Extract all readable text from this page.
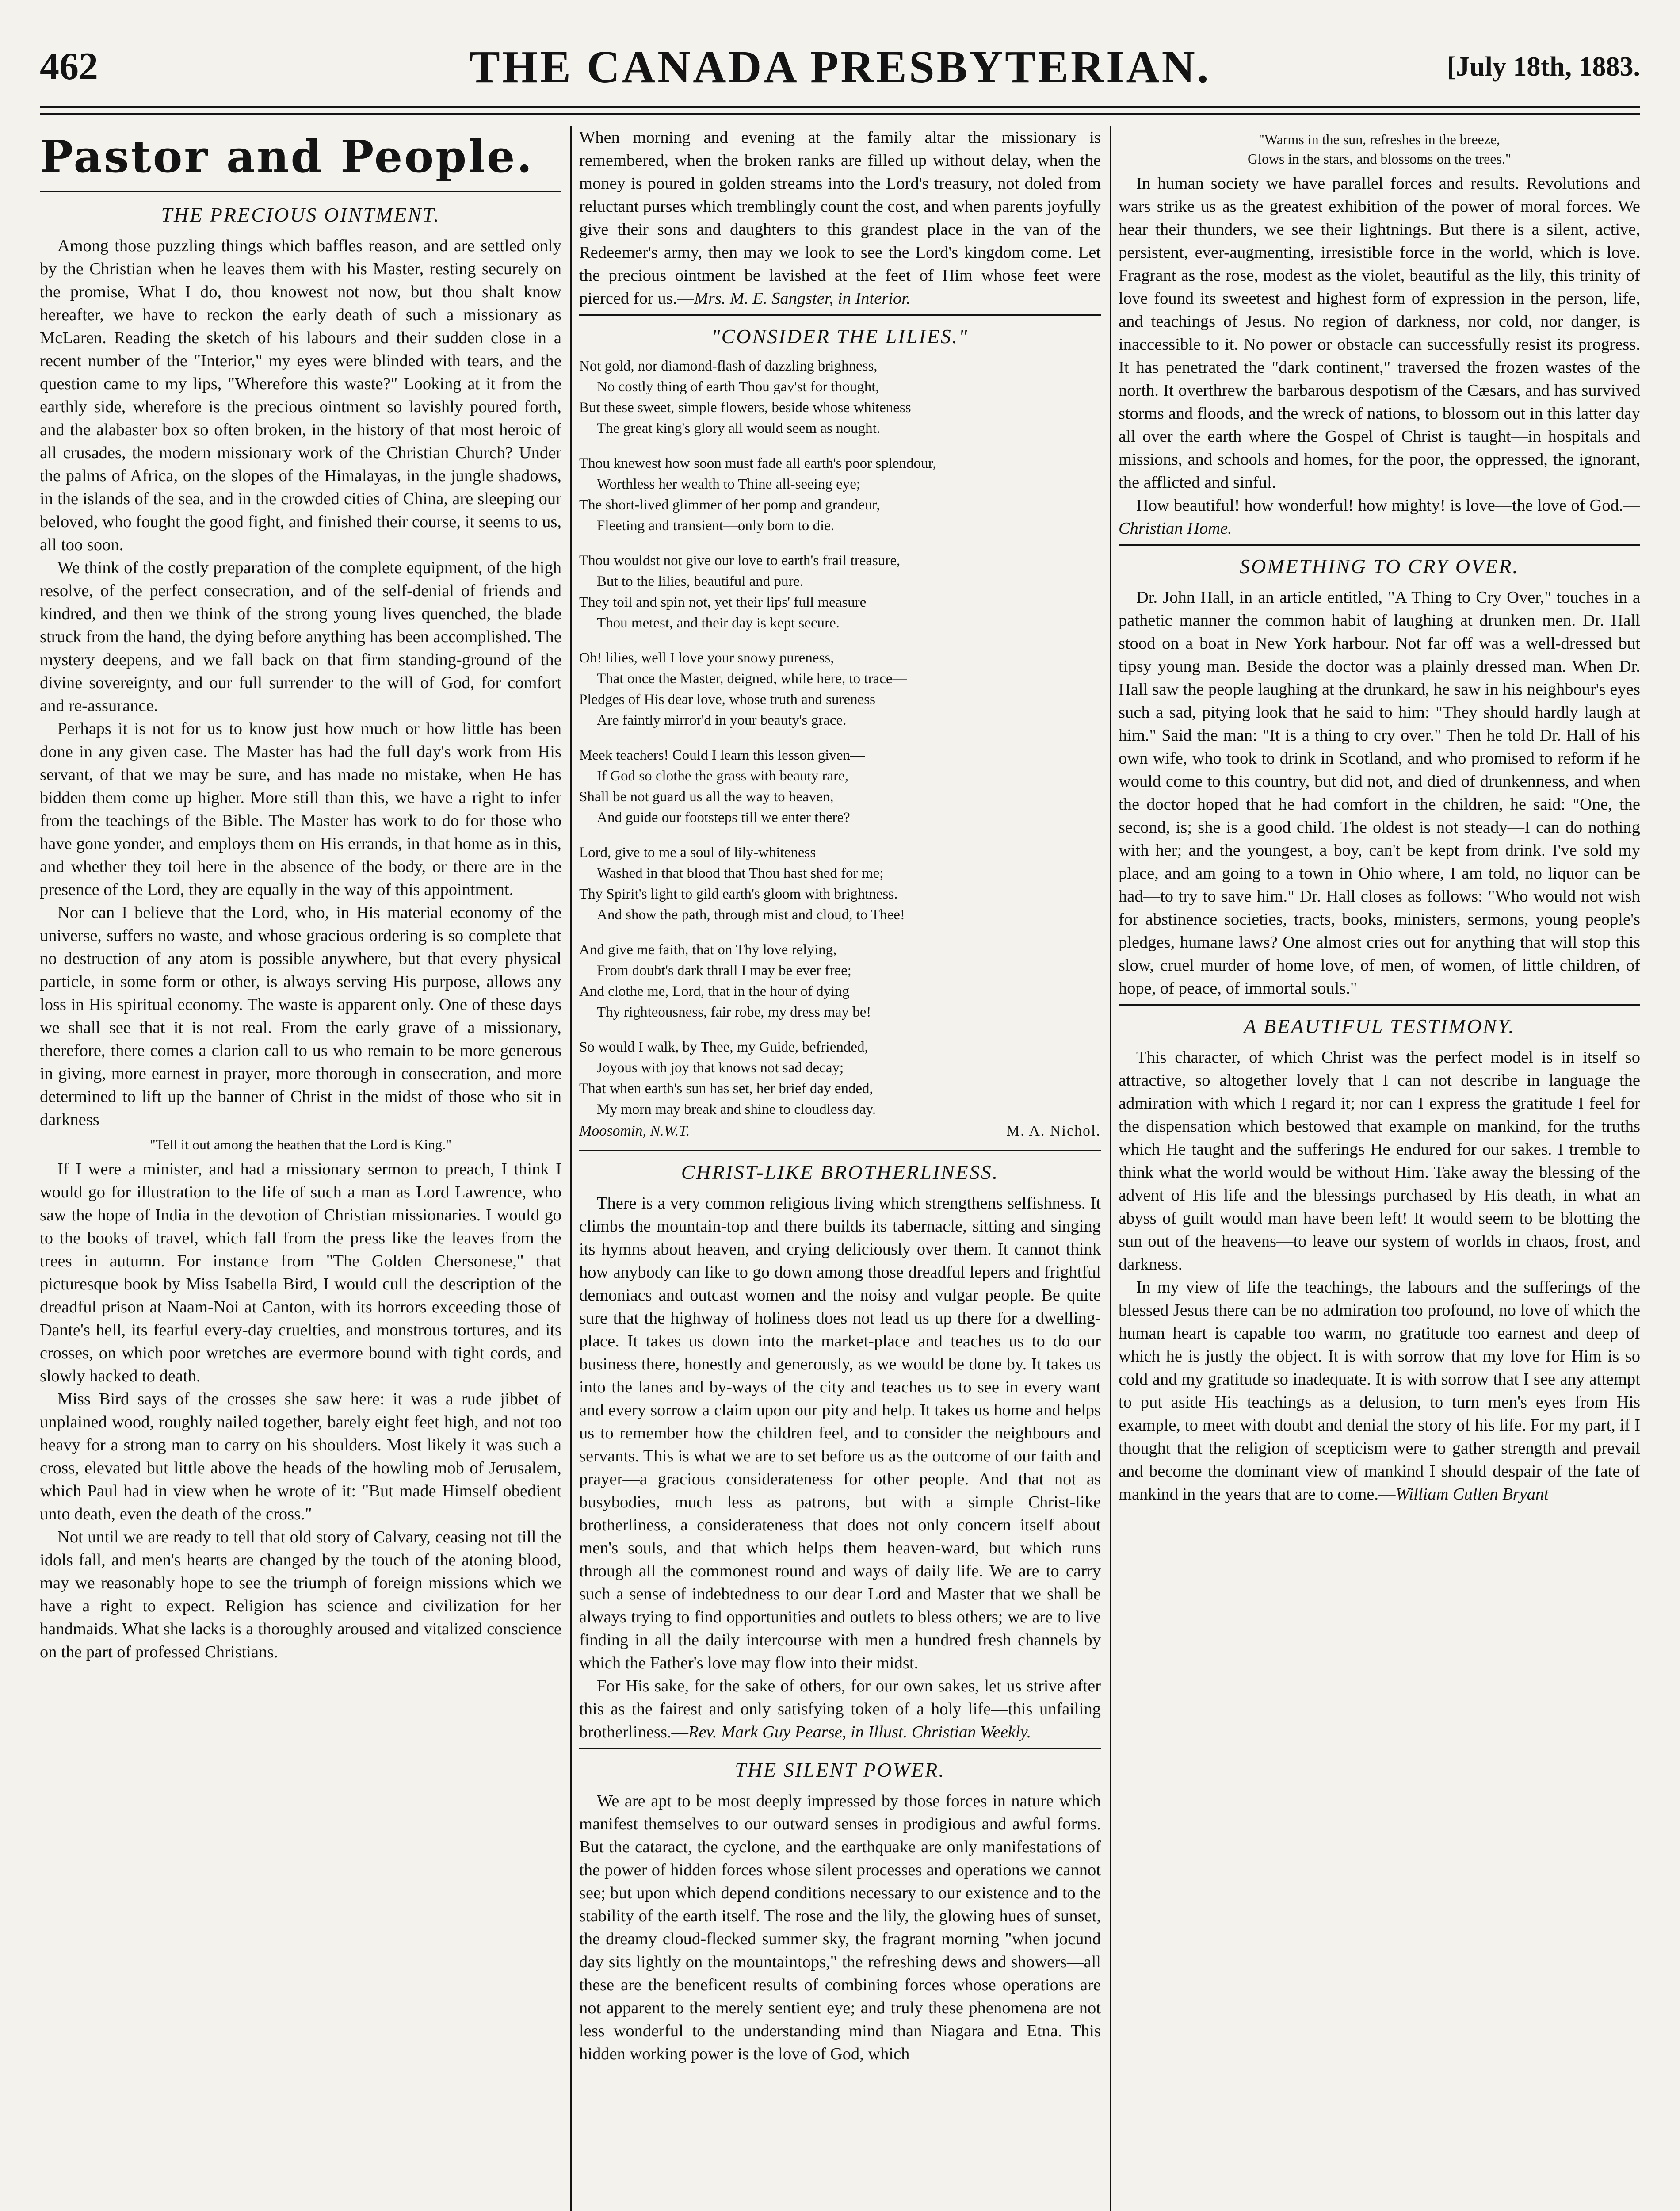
462	THE CANADA PRESBYTERIAN.	[July 18th, 1883.
Pastor and People.
THE PRECIOUS OINTMENT.

Among those puzzling things which baffles reason, and are settled only by the Christian when he leaves them with his Master, resting securely on the promise, What I do, thou knowest not now, but thou shalt know hereafter, we have to reckon the early death of such a missionary as McLaren. Reading the sketch of his labours and their sudden close in a recent number of the "Interior," my eyes were blinded with tears, and the question came to my lips, "Wherefore this waste?" Looking at it from the earthly side, wherefore is the precious ointment so lavishly poured forth, and the alabaster box so often broken, in the history of that most heroic of all crusades, the modern missionary work of the Christian Church? Under the palms of Africa, on the slopes of the Himalayas, in the jungle shadows, in the islands of the sea, and in the crowded cities of China, are sleeping our beloved, who fought the good fight, and finished their course, it seems to us, all too soon.

We think of the costly preparation of the complete equipment, of the high resolve, of the perfect consecration, and of the self-denial of friends and kindred, and then we think of the strong young lives quenched, the blade struck from the hand, the dying before anything has been accomplished. The mystery deepens, and we fall back on that firm standing-ground of the divine sovereignty, and our full surrender to the will of God, for comfort and re-assurance.

Perhaps it is not for us to know just how much or how little has been done in any given case. The Master has had the full day's work from His servant, of that we may be sure, and has made no mistake, when He has bidden them come up higher. More still than this, we have a right to infer from the teachings of the Bible. The Master has work to do for those who have gone yonder, and employs them on His errands, in that home as in this, and whether they toil here in the absence of the body, or there are in the presence of the Lord, they are equally in the way of this appointment.

Nor can I believe that the Lord, who, in His material economy of the universe, suffers no waste, and whose gracious ordering is so complete that no destruction of any atom is possible anywhere, but that every physical particle, in some form or other, is always serving His purpose, allows any loss in His spiritual economy. The waste is apparent only. One of these days we shall see that it is not real. From the early grave of a missionary, therefore, there comes a clarion call to us who remain to be more generous in giving, more earnest in prayer, more thorough in consecration, and more determined to lift up the banner of Christ in the midst of those who sit in darkness—

"Tell it out among the heathen that the Lord is King."

If I were a minister, and had a missionary sermon to preach, I think I would go for illustration to the life of such a man as Lord Lawrence, who saw the hope of India in the devotion of Christian missionaries. I would go to the books of travel, which fall from the press like the leaves from the trees in autumn. For instance from "The Golden Chersonese," that picturesque book by Miss Isabella Bird, I would cull the description of the dreadful prison at Naam-Noi at Canton, with its horrors exceeding those of Dante's hell, its fearful every-day cruelties, and monstrous tortures, and its crosses, on which poor wretches are evermore bound with tight cords, and slowly hacked to death.

Miss Bird says of the crosses she saw here: it was a rude jibbet of unplained wood, roughly nailed together, barely eight feet high, and not too heavy for a strong man to carry on his shoulders. Most likely it was such a cross, elevated but little above the heads of the howling mob of Jerusalem, which Paul had in view when he wrote of it: "But made Himself obedient unto death, even the death of the cross."

Not until we are ready to tell that old story of Calvary, ceasing not till the idols fall, and men's hearts are changed by the touch of the atoning blood, may we reasonably hope to see the triumph of foreign missions which we have a right to expect. Religion has science and civilization for her handmaids. What she lacks is a thoroughly aroused and vitalized conscience on the part of professed Christians.

When morning and evening at the family altar the missionary is remembered, when the broken ranks are filled up without delay, when the money is poured in golden streams into the Lord's treasury, not doled from reluctant purses which tremblingly count the cost, and when parents joyfully give their sons and daughters to this grandest place in the van of the Redeemer's army, then may we look to see the Lord's kingdom come. Let the precious ointment be lavished at the feet of Him whose feet were pierced for us.—Mrs. M. E. Sangster, in Interior.

"CONSIDER THE LILIES."
Not gold, nor diamond-flash of dazzling brighness,
No costly thing of earth Thou gav'st for thought,
But these sweet, simple flowers, beside whose whiteness
The great king's glory all would seem as nought.
Thou knewest how soon must fade all earth's poor splendour,
Worthless her wealth to Thine all-seeing eye;
The short-lived glimmer of her pomp and grandeur,
Fleeting and transient—only born to die.
Thou wouldst not give our love to earth's frail treasure,
But to the lilies, beautiful and pure.
They toil and spin not, yet their lips' full measure
Thou metest, and their day is kept secure.
Oh! lilies, well I love your snowy pureness,
That once the Master, deigned, while here, to trace—
Pledges of His dear love, whose truth and sureness
Are faintly mirror'd in your beauty's grace.
Meek teachers! Could I learn this lesson given—
If God so clothe the grass with beauty rare,
Shall be not guard us all the way to heaven,
And guide our footsteps till we enter there?
Lord, give to me a soul of lily-whiteness
Washed in that blood that Thou hast shed for me;
Thy Spirit's light to gild earth's gloom with brightness.
And show the path, through mist and cloud, to Thee!
And give me faith, that on Thy love relying,
From doubt's dark thrall I may be ever free;
And clothe me, Lord, that in the hour of dying
Thy righteousness, fair robe, my dress may be!
So would I walk, by Thee, my Guide, befriended,
Joyous with joy that knows not sad decay;
That when earth's sun has set, her brief day ended,
My morn may break and shine to cloudless day.
Moosomin, N.W.T.	M. A. Nichol.
CHRIST-LIKE BROTHERLINESS.

There is a very common religious living which strengthens selfishness. It climbs the mountain-top and there builds its tabernacle, sitting and singing its hymns about heaven, and crying deliciously over them. It cannot think how anybody can like to go down among those dreadful lepers and frightful demoniacs and outcast women and the noisy and vulgar people. Be quite sure that the highway of holiness does not lead us up there for a dwelling-place. It takes us down into the market-place and teaches us to do our business there, honestly and generously, as we would be done by. It takes us into the lanes and by-ways of the city and teaches us to see in every want and every sorrow a claim upon our pity and help. It takes us home and helps us to remember how the children feel, and to consider the neighbours and servants. This is what we are to set before us as the outcome of our faith and prayer—a gracious considerateness for other people. And that not as busybodies, much less as patrons, but with a simple Christ-like brotherliness, a considerateness that does not only concern itself about men's souls, and that which helps them heaven-ward, but which runs through all the commonest round and ways of daily life. We are to carry such a sense of indebtedness to our dear Lord and Master that we shall be always trying to find opportunities and outlets to bless others; we are to live finding in all the daily intercourse with men a hundred fresh channels by which the Father's love may flow into their midst.

For His sake, for the sake of others, for our own sakes, let us strive after this as the fairest and only satisfying token of a holy life—this unfailing brotherliness.—Rev. Mark Guy Pearse, in Illust. Christian Weekly.

THE SILENT POWER.

We are apt to be most deeply impressed by those forces in nature which manifest themselves to our outward senses in prodigious and awful forms. But the cataract, the cyclone, and the earthquake are only manifestations of the power of hidden forces whose silent processes and operations we cannot see; but upon which depend conditions necessary to our existence and to the stability of the earth itself. The rose and the lily, the glowing hues of sunset, the dreamy cloud-flecked summer sky, the fragrant morning "when jocund day sits lightly on the mountaintops," the refreshing dews and showers—all these are the beneficent results of combining forces whose operations are not apparent to the merely sentient eye; and truly these phenomena are not less wonderful to the understanding mind than Niagara and Etna. This hidden working power is the love of God, which

"Warms in the sun, refreshes in the breeze,

Glows in the stars, and blossoms on the trees."

In human society we have parallel forces and results. Revolutions and wars strike us as the greatest exhibition of the power of moral forces. We hear their thunders, we see their lightnings. But there is a silent, active, persistent, ever-augmenting, irresistible force in the world, which is love. Fragrant as the rose, modest as the violet, beautiful as the lily, this trinity of love found its sweetest and highest form of expression in the person, life, and teachings of Jesus. No region of darkness, nor cold, nor danger, is inaccessible to it. No power or obstacle can successfully resist its progress. It has penetrated the "dark continent," traversed the frozen wastes of the north. It overthrew the barbarous despotism of the Cæsars, and has survived storms and floods, and the wreck of nations, to blossom out in this latter day all over the earth where the Gospel of Christ is taught—in hospitals and missions, and schools and homes, for the poor, the oppressed, the ignorant, the afflicted and sinful.

How beautiful! how wonderful! how mighty! is love—the love of God.—Christian Home.

SOMETHING TO CRY OVER.

Dr. John Hall, in an article entitled, "A Thing to Cry Over," touches in a pathetic manner the common habit of laughing at drunken men. Dr. Hall stood on a boat in New York harbour. Not far off was a well-dressed but tipsy young man. Beside the doctor was a plainly dressed man. When Dr. Hall saw the people laughing at the drunkard, he saw in his neighbour's eyes such a sad, pitying look that he said to him: "They should hardly laugh at him." Said the man: "It is a thing to cry over." Then he told Dr. Hall of his own wife, who took to drink in Scotland, and who promised to reform if he would come to this country, but did not, and died of drunkenness, and when the doctor hoped that he had comfort in the children, he said: "One, the second, is; she is a good child. The oldest is not steady—I can do nothing with her; and the youngest, a boy, can't be kept from drink. I've sold my place, and am going to a town in Ohio where, I am told, no liquor can be had—to try to save him." Dr. Hall closes as follows: "Who would not wish for abstinence societies, tracts, books, ministers, sermons, young people's pledges, humane laws? One almost cries out for anything that will stop this slow, cruel murder of home love, of men, of women, of little children, of hope, of peace, of immortal souls."

A BEAUTIFUL TESTIMONY.

This character, of which Christ was the perfect model is in itself so attractive, so altogether lovely that I can not describe in language the admiration with which I regard it; nor can I express the gratitude I feel for the dispensation which bestowed that example on mankind, for the truths which He taught and the sufferings He endured for our sakes. I tremble to think what the world would be without Him. Take away the blessing of the advent of His life and the blessings purchased by His death, in what an abyss of guilt would man have been left! It would seem to be blotting the sun out of the heavens—to leave our system of worlds in chaos, frost, and darkness.

In my view of life the teachings, the labours and the sufferings of the blessed Jesus there can be no admiration too profound, no love of which the human heart is capable too warm, no gratitude too earnest and deep of which he is justly the object. It is with sorrow that my love for Him is so cold and my gratitude so inadequate. It is with sorrow that I see any attempt to put aside His teachings as a delusion, to turn men's eyes from His example, to meet with doubt and denial the story of his life. For my part, if I thought that the religion of scepticism were to gather strength and prevail and become the dominant view of mankind I should despair of the fate of mankind in the years that are to come.—William Cullen Bryant
